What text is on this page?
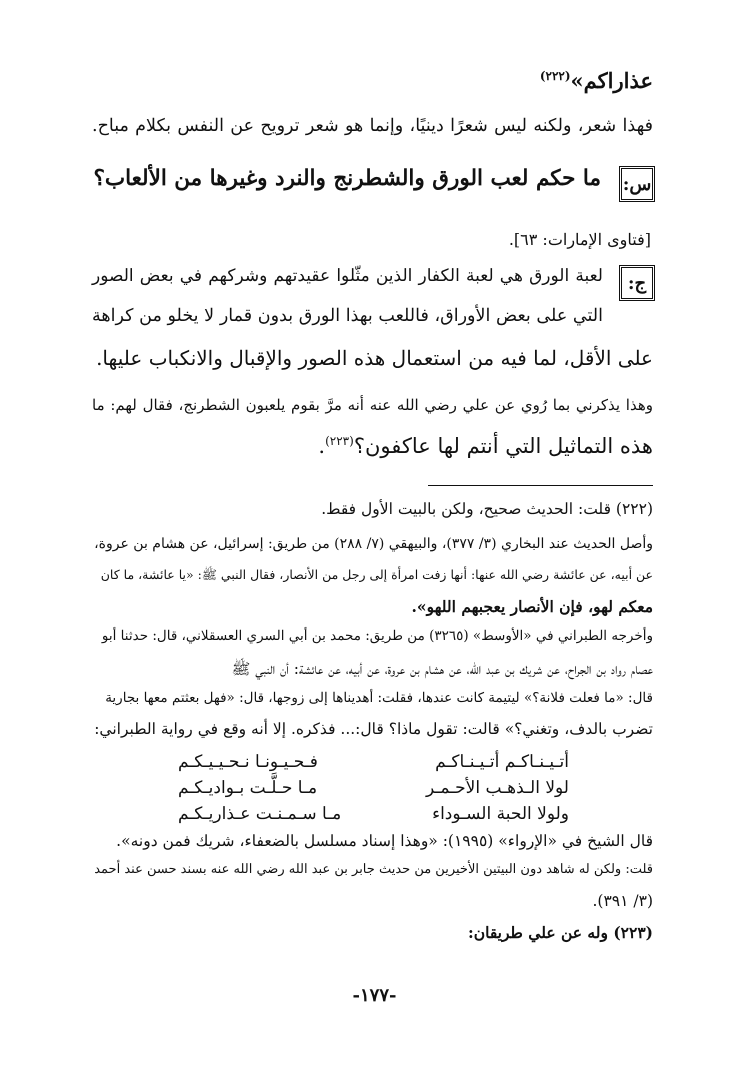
عذاراكم»$^{(٢٢٢)}$
فهذا شعر، ولكنه ليس شعرًا دينيًا، وإنما هو شعر ترويح عن النفس بكلام مباح.
س:
ما حكم لعب الورق والشطرنج والنرد وغيرها من الألعاب؟
[فتاوى الإمارات: ٦٣].
ج:
لعبة الورق هي لعبة الكفار الذين مثّلوا عقيدتهم وشركهم في بعض الصور
التي على بعض الأوراق، فاللعب بهذا الورق بدون قمار لا يخلو من كراهة
على الأقل، لما فيه من استعمال هذه الصور والإقبال والانكباب عليها.
وهذا يذكرني بما رُوي عن علي رضي الله عنه أنه مرَّ بقوم يلعبون الشطرنج، فقال لهم: ما
هذه التماثيل التي أنتم لها عاكفون؟$^{(٢٢٣)}$.
(٢٢٢) قلت: الحديث صحيح، ولكن بالبيت الأول فقط.
وأصل الحديث عند البخاري (٣/ ٣٧٧)، والبيهقي (٧/ ٢٨٨) من طريق: إسرائيل، عن هشام بن عروة،
عن أبيه، عن عائشة رضي الله عنها: أنها زفت امرأة إلى رجل من الأنصار، فقال النبي ﷺ: «يا عائشة، ما كان
معكم لهو، فإن الأنصار يعجبهم اللهو».
وأخرجه الطبراني في «الأوسط» (٣٢٦٥) من طريق: محمد بن أبي السري العسقلاني، قال: حدثنا أبو
عصام رواد بن الجراح، عن شريك بن عبد الله، عن هشام بن عروة، عن أبيه، عن عائشة: أن النبي ﷺ
قال: «ما فعلت فلانة؟» ليتيمة كانت عندها، فقلت: أهديناها إلى زوجها، قال: «فهل بعثتم معها بجارية
تضرب بالدف، وتغني؟» قالت: تقول ماذا؟ قال:... فذكره. إلا أنه وقع في رواية الطبراني:
أتـيـنـاكـم أتـيـنـاكـم
فـحـيـونـا نـحـيـيـكـم
لولا الـذهـب الأحـمـر
مـا حـلَّـت بـواديـكـم
ولولا الحبة السـوداء
مـا سـمـنـت عـذاريـكـم
قال الشيخ في «الإرواء» (١٩٩٥): «وهذا إسناد مسلسل بالضعفاء، شريك فمن دونه».
قلت: ولكن له شاهد دون البيتين الأخيرين من حديث جابر بن عبد الله رضي الله عنه بسند حسن عند أحمد
(٣/ ٣٩١).
(٢٢٣) وله عن علي طريقان:
-١٧٧-
